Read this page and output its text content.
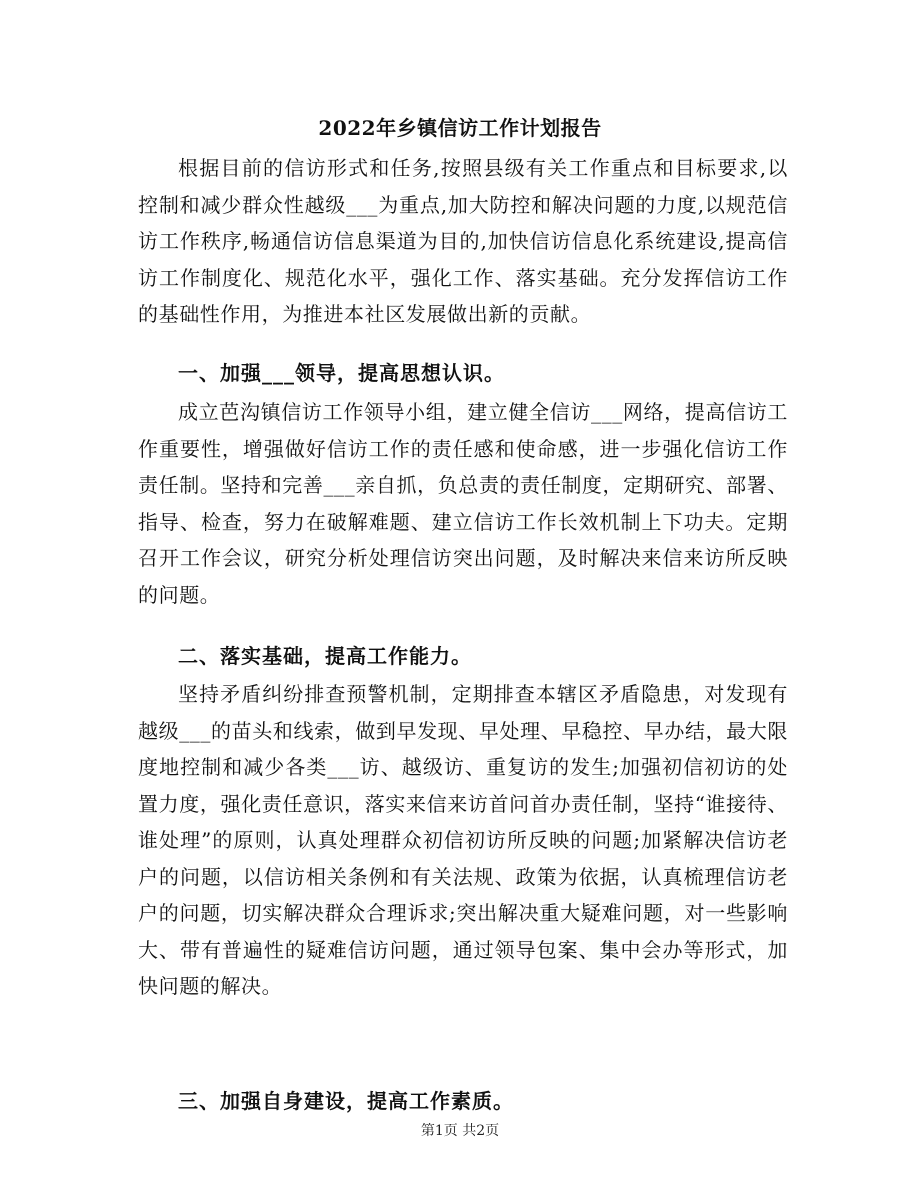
2022年乡镇信访工作计划报告

根据目前的信访形式和任务,按照县级有关工作重点和目标要求,以控制和减少群众性越级___为重点,加大防控和解决问题的力度,以规范信访工作秩序,畅通信访信息渠道为目的,加快信访信息化系统建设,提高信访工作制度化、规范化水平，强化工作、落实基础。充分发挥信访工作的基础性作用，为推进本社区发展做出新的贡献。

一、加强___领导，提高思想认识。

成立芭沟镇信访工作领导小组，建立健全信访___网络，提高信访工作重要性，增强做好信访工作的责任感和使命感，进一步强化信访工作责任制。坚持和完善___亲自抓，负总责的责任制度，定期研究、部署、指导、检查，努力在破解难题、建立信访工作长效机制上下功夫。定期召开工作会议，研究分析处理信访突出问题，及时解决来信来访所反映的问题。

二、落实基础，提高工作能力。

坚持矛盾纠纷排查预警机制，定期排查本辖区矛盾隐患，对发现有越级___的苗头和线索，做到早发现、早处理、早稳控、早办结，最大限度地控制和减少各类___访、越级访、重复访的发生;加强初信初访的处置力度，强化责任意识，落实来信来访首问首办责任制，坚持“谁接待、谁处理”的原则，认真处理群众初信初访所反映的问题;加紧解决信访老户的问题，以信访相关条例和有关法规、政策为依据，认真梳理信访老户的问题，切实解决群众合理诉求;突出解决重大疑难问题，对一些影响大、带有普遍性的疑难信访问题，通过领导包案、集中会办等形式，加快问题的解决。

三、加强自身建设，提高工作素质。

第1页 共2页
